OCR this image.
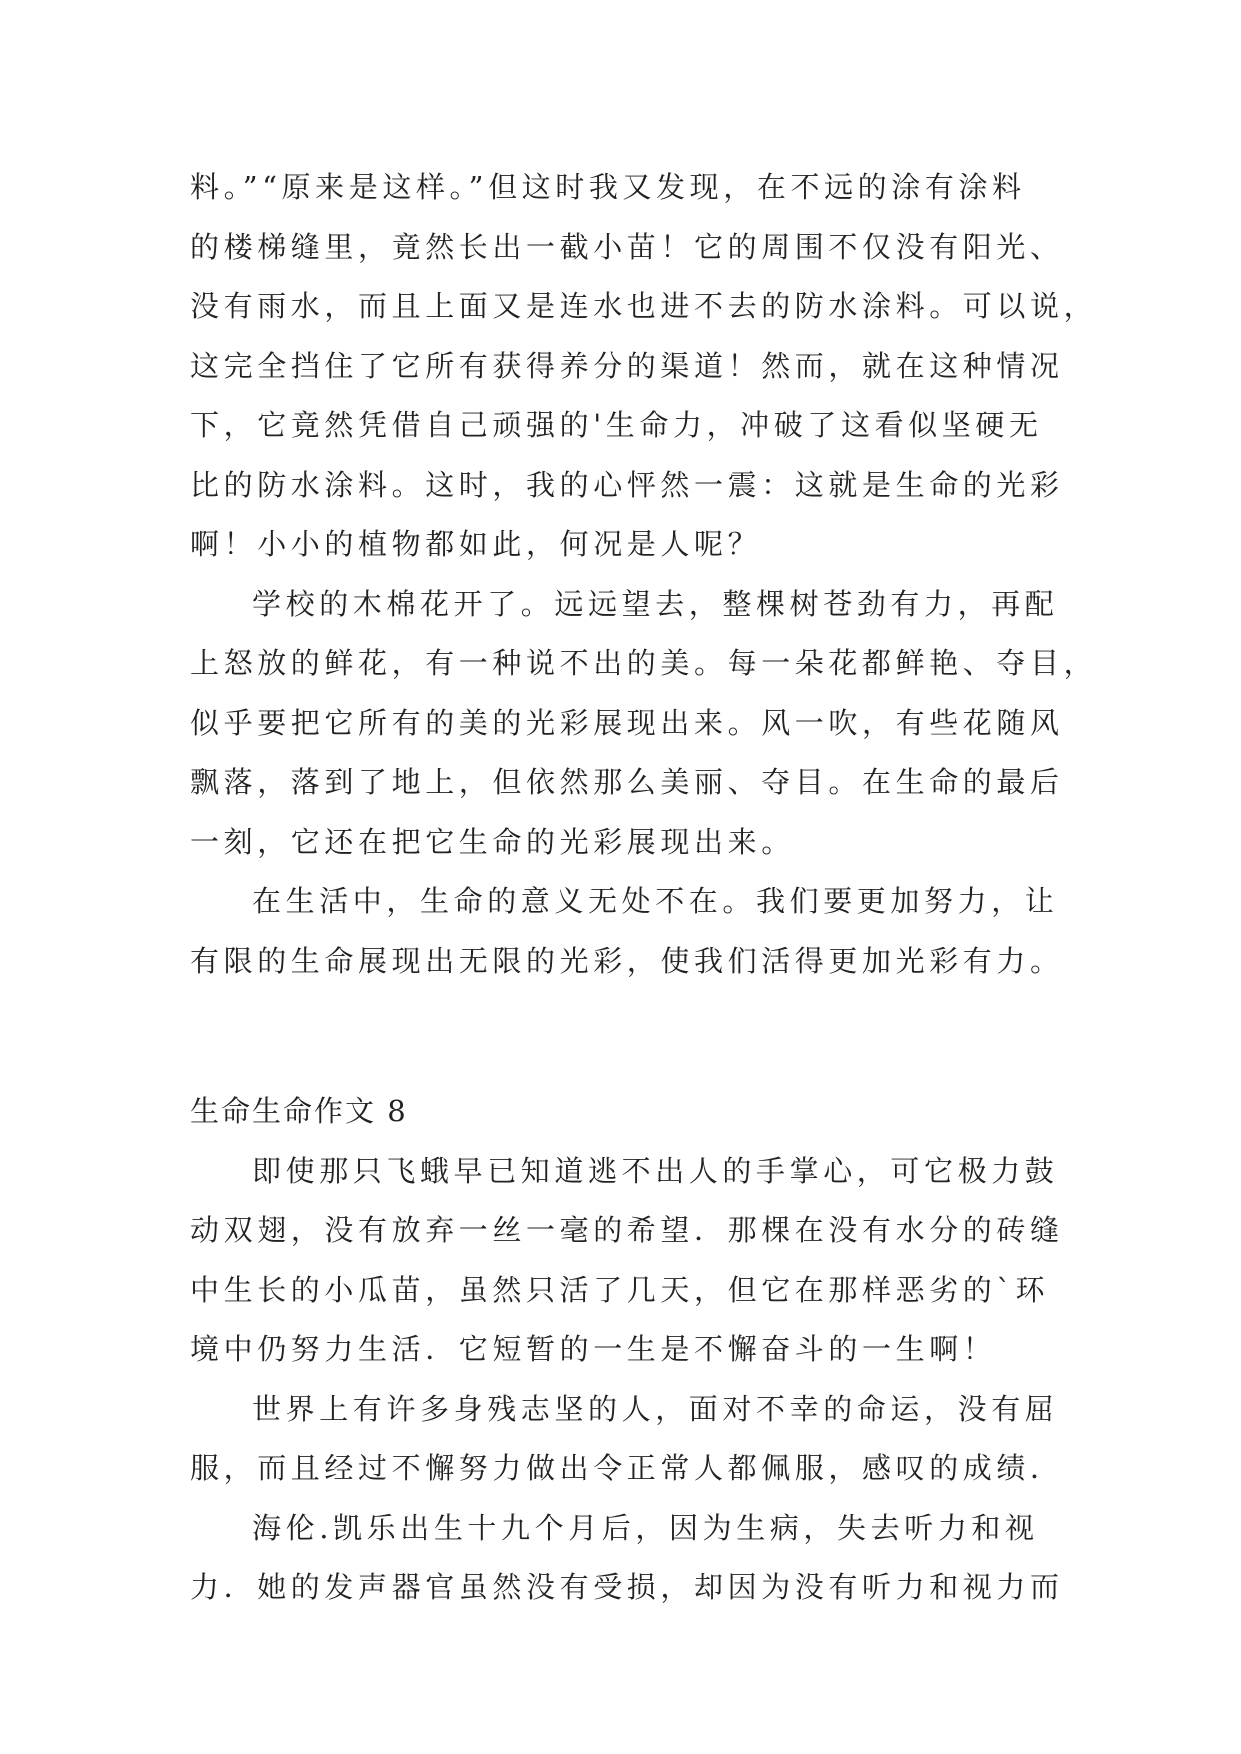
料。”“原来是这样。”但这时我又发现，在不远的涂有涂料
的楼梯缝里，竟然长出一截小苗！它的周围不仅没有阳光、
没有雨水，而且上面又是连水也进不去的防水涂料。可以说，
这完全挡住了它所有获得养分的渠道！然而，就在这种情况
下，它竟然凭借自己顽强的'生命力，冲破了这看似坚硬无
比的防水涂料。这时，我的心怦然一震：这就是生命的光彩
啊！小小的植物都如此，何况是人呢？
学校的木棉花开了。远远望去，整棵树苍劲有力，再配
上怒放的鲜花，有一种说不出的美。每一朵花都鲜艳、夺目，
似乎要把它所有的美的光彩展现出来。风一吹，有些花随风
飘落，落到了地上，但依然那么美丽、夺目。在生命的最后
一刻，它还在把它生命的光彩展现出来。
在生活中，生命的意义无处不在。我们要更加努力，让
有限的生命展现出无限的光彩，使我们活得更加光彩有力。
生命生命作文 8
即使那只飞蛾早已知道逃不出人的手掌心，可它极力鼓
动双翅，没有放弃一丝一毫的希望．那棵在没有水分的砖缝
中生长的小瓜苗，虽然只活了几天，但它在那样恶劣的`环
境中仍努力生活．它短暂的一生是不懈奋斗的一生啊！
世界上有许多身残志坚的人，面对不幸的命运，没有屈
服，而且经过不懈努力做出令正常人都佩服，感叹的成绩．
海伦.凯乐出生十九个月后，因为生病，失去听力和视
力．她的发声器官虽然没有受损，却因为没有听力和视力而
